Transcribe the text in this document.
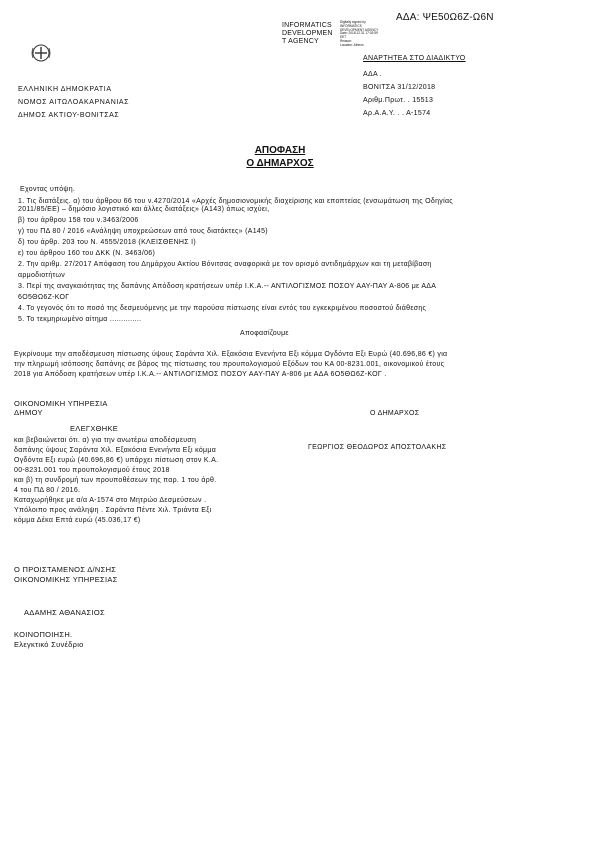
ΑΔΑ: ΨΕ50Ω6Ζ-Ω6Ν
INFORMATICS
DEVELOPMEN
T AGENCY
Digitally signed by
INFORMATICS
DEVELOPMENT AGENCY
Date: 2018.12.31 17:03:59
EET
Reason:
Location: Athens
ΑΝΑΡΤΗΤΕΑ ΣΤΟ ΔΙΑΔΙΚΤΥΟ
ΕΛΛΗΝΙΚΗ ΔΗΜΟΚΡΑΤΙΑ
ΝΟΜΟΣ ΑΙΤΩΛΟΑΚΑΡΝΑΝΙΑΣ
ΔΗΜΟΣ ΑΚΤΙΟΥ-ΒΟΝΙΤΣΑΣ
ΑΔΑ .
ΒΟΝΙΤΣΑ 31/12/2018
Αριθμ.Πρωτ. . 15513
Αρ.Α.Α.Υ. . . Α-1574
ΑΠΟΦΑΣΗ
Ο ΔΗΜΑΡΧΟΣ
Εχοντας υπόψη.
1. Τις διατάξεις. α) του άρθρου 66 του ν.4270/2014 «Αρχές δημοσιονομικής διαχείρισης και εποπτείας (ενσωμάτωση της Οδηγίας
2011/85/ΕΕ) – δημόσιο λογιστικό και άλλες διατάξεις» (Α143) όπως ισχύει,
β) του άρθρου 158 του ν.3463/2006
γ) του ΠΔ 80 / 2016 «Ανάληψη υποχρεώσεων από τους διατάκτες» (Α145)
δ) του άρθρ. 203 του Ν. 4555/2018 (ΚΛΕΙΣΘΕΝΗΣ Ι)
ε) του άρθρου 160 του ΔΚΚ (Ν. 3463/06)
2. Την αριθμ. 27/2017 Απόφαση του Δημάρχου Ακτίου Βόνιτσας αναφορικά με τον ορισμό αντιδημάρχων και τη μεταβίβαση
αρμοδιοτήτων
3. Περί της αναγκαιότητας της δαπάνης Απόδοση κρατήσεων υπέρ Ι.Κ.Α.-- ΑΝΤΙΛΟΓΙΣΜΟΣ ΠΟΣΟΥ ΑΑΥ-ΠΑΥ Α-806 με ΑΔΑ
6Ο5ΘΩ6Ζ-ΚΟΓ
4. Το γεγονός ότι το ποσό της δεσμευόμενης με την παρούσα πίστωσης είναι εντός του εγκεκριμένου ποσοστού διάθεσης
5. Το τεκμηριωμένο αίτημα ..............
Αποφασίζουμε
Εγκρίνουμε την αποδέσμευση πίστωσης ύψους Σαράντα Χιλ. Εξακόσια Ενενήντα Εξι κόμμα Ογδόντα Εξι Ευρώ (40.696,86 €) για
την πληρωμή ισόποσης δαπάνης σε βάρος της πίστωσης του προυπολογισμού Εξόδων του ΚΑ 00-8231.001, οικονομικού έτους
2018 για Απόδοση κρατήσεων υπέρ Ι.Κ.Α.-- ΑΝΤΙΛΟΓΙΣΜΟΣ ΠΟΣΟΥ ΑΑΥ-ΠΑΥ Α-806 με ΑΔΑ 6Ο5ΘΩ6Ζ-ΚΟΓ .
ΟΙΚΟΝΟΜΙΚΗ ΥΠΗΡΕΣΙΑ
ΔΗΜΟΥ	Ο ΔΗΜΑΡΧΟΣ
ΕΛΕΓΧΘΗΚΕ
ΓΕΩΡΓΙΟΣ ΘΕΟΔΩΡΟΣ ΑΠΟΣΤΟΛΑΚΗΣ
και βεβαιώνεται ότι. α) για την ανωτέρω αποδέσμευση
δαπάνης ύψους Σαράντα Χιλ. Εξακόσια Ενενήντα Εξι κόμμα
Ογδόντα Εξι ευρώ (40.696,86 €) υπάρχει πίστωση στον Κ.Α.
00-8231.001 του προυπολογισμού έτους 2018
και β) τη συνδρομή των προυποθέσεων της παρ. 1 του άρθ.
4 του ΠΔ 80 / 2016.
Καταχωρήθηκε με α/α Α-1574 στο Μητρώο Δεσμεύσεων .
Υπόλοιπο προς ανάληψη . Σαράντα Πέντε Χιλ. Τριάντα Εξι
κόμμα Δέκα Επτά ευρώ (45.036,17 €)
Ο ΠΡΟΙΣΤΑΜΕΝΟΣ Δ/ΝΣΗΣ
ΟΙΚΟΝΟΜΙΚΗΣ ΥΠΗΡΕΣΙΑΣ
ΑΔΑΜΗΣ ΑΘΑΝΑΣΙΟΣ
ΚΟΙΝΟΠΟΙΗΣΗ.
Ελεγκτικό Συνέδριο
